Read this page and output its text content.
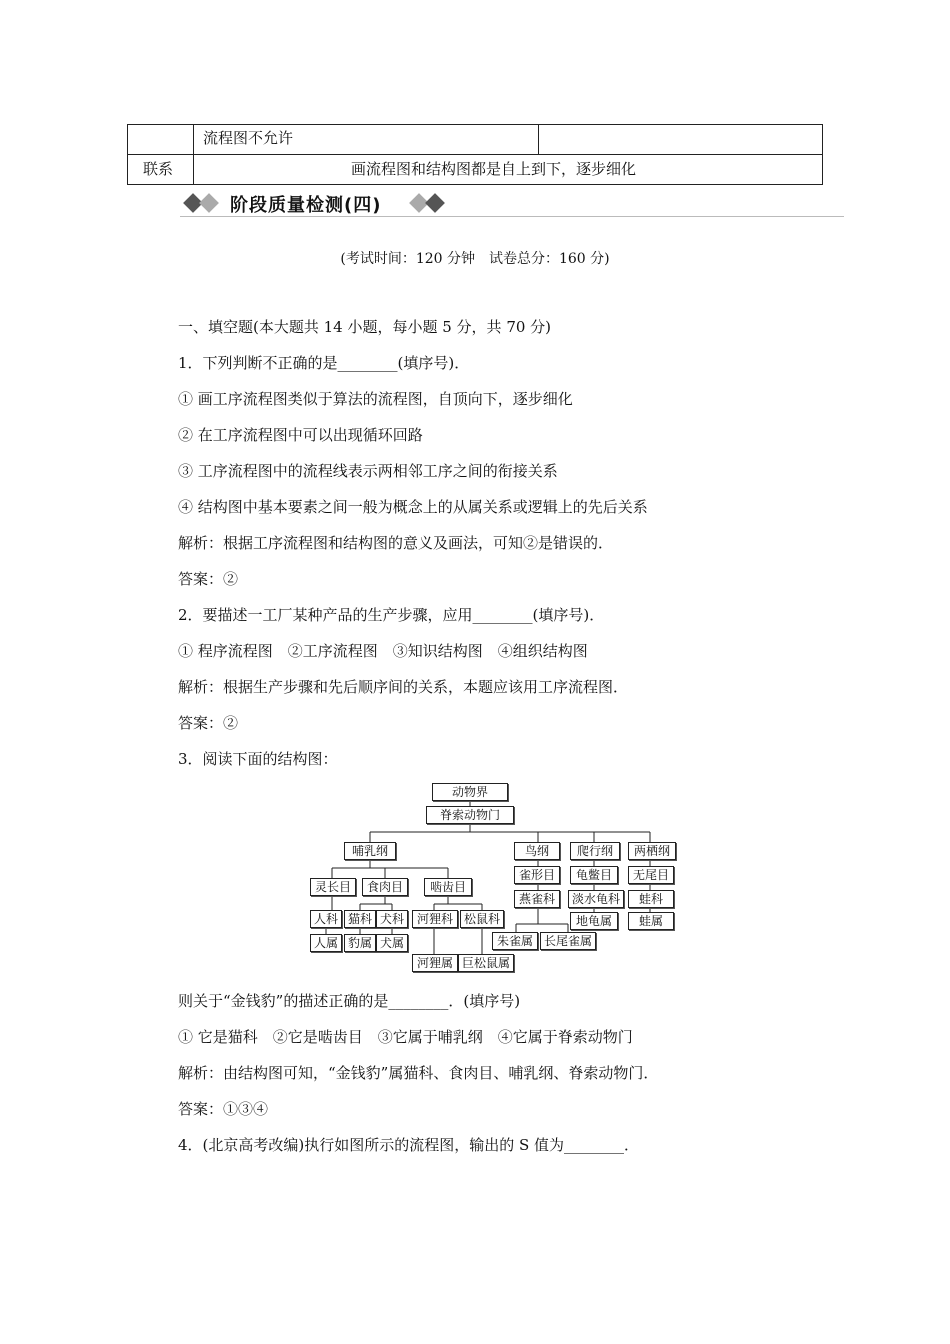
流程图不允许
联系	画流程图和结构图都是自上到下，逐步细化
阶段质量检测(四)
(考试时间：120 分钟　试卷总分：160 分)
一、填空题(本大题共 14 小题，每小题 5 分，共 70 分)
1．下列判断不正确的是________(填序号)．
① 画工序流程图类似于算法的流程图，自顶向下，逐步细化
② 在工序流程图中可以出现循环回路
③ 工序流程图中的流程线表示两相邻工序之间的衔接关系
④ 结构图中基本要素之间一般为概念上的从属关系或逻辑上的先后关系
解析：根据工序流程图和结构图的意义及画法，可知②是错误的．
答案：②
2．要描述一工厂某种产品的生产步骤，应用________(填序号)．
① 程序流程图　②工序流程图　③知识结构图　④组织结构图
解析：根据生产步骤和先后顺序间的关系，本题应该用工序流程图．
答案：②
3．阅读下面的结构图：
动物界
脊索动物门
哺乳纲	鸟纲	爬行纲	两栖纲
灵长目	食肉目	啮齿目
雀形目	龟鳖目	无尾目
人科 猫科 犬科	河狸科 松鼠科
燕雀科	淡水龟科	蛙科
人属 豹属 犬属
河狸属 巨松鼠属
朱雀属 长尾雀属
地龟属	蛙属
则关于“金钱豹”的描述正确的是________．(填序号)
① 它是猫科　②它是啮齿目　③它属于哺乳纲　④它属于脊索动物门
解析：由结构图可知，“金钱豹”属猫科、食肉目、哺乳纲、脊索动物门．
答案：①③④
4．(北京高考改编)执行如图所示的流程图，输出的 S 值为________．
